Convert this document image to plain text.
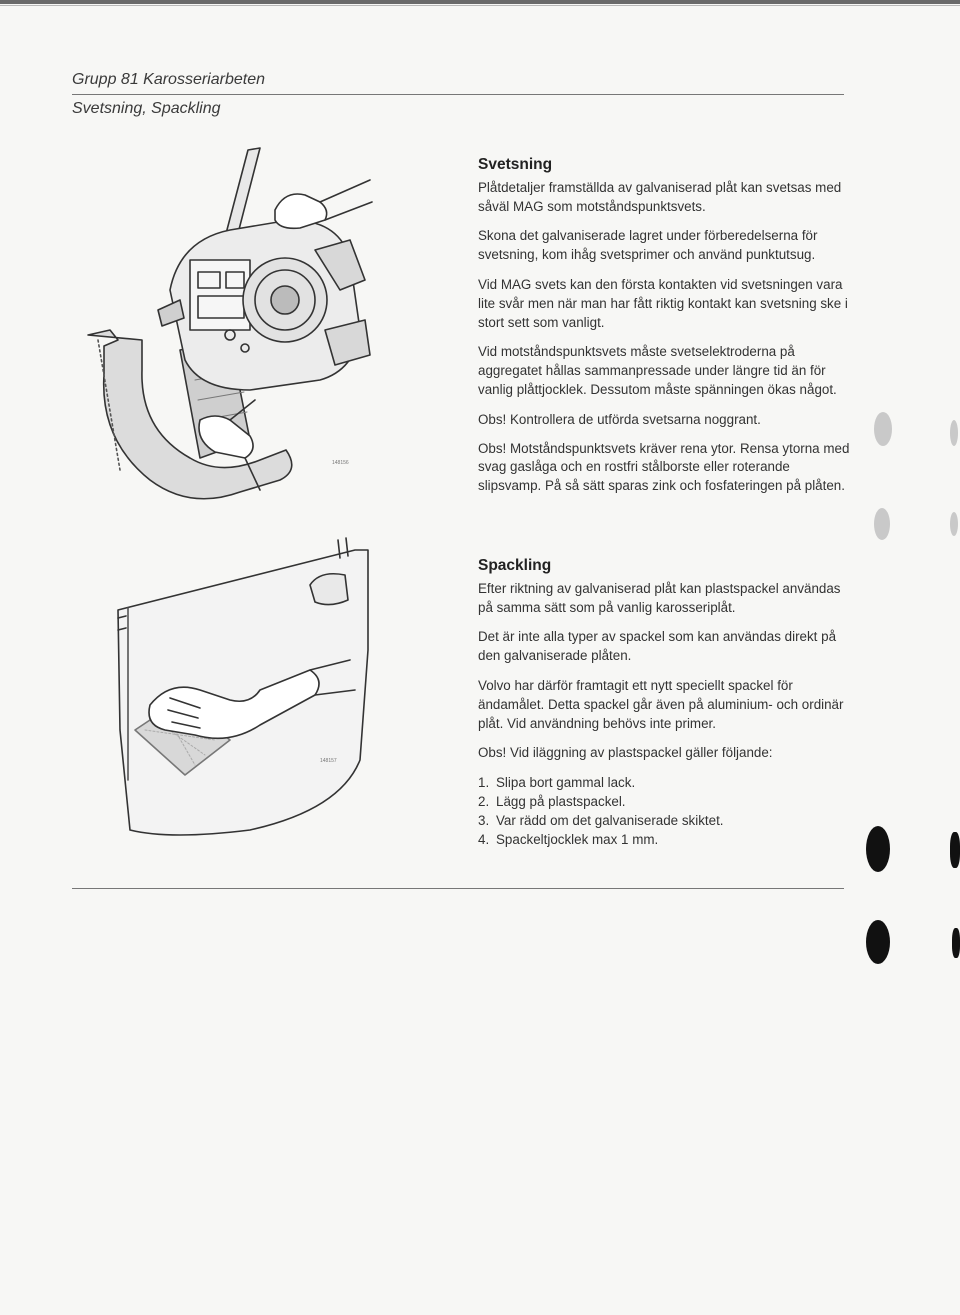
Grupp 81 Karosseriarbeten
Svetsning, Spackling
148156
148157
Svetsning

Plåtdetaljer framställda av galvaniserad plåt kan svetsas med såväl MAG som motståndspunktsvets.

Skona det galvaniserade lagret under förberedelserna för svetsning, kom ihåg svetsprimer och använd punktutsug.

Vid MAG svets kan den första kontakten vid svetsningen vara lite svår men när man har fått riktig kontakt kan svetsning ske i stort sett som vanligt.

Vid motståndspunktsvets måste svetselektroderna på aggregatet hållas sammanpressade under längre tid än för vanlig plåttjocklek. Dessutom måste spänningen ökas något.

Obs! Kontrollera de utförda svetsarna noggrant.

Obs! Motståndspunktsvets kräver rena ytor. Rensa ytorna med svag gaslåga och en rostfri stålborste eller roterande slipsvamp. På så sätt sparas zink och fosfateringen på plåten.

Spackling

Efter riktning av galvaniserad plåt kan plastspackel användas på samma sätt som på vanlig karosseriplåt.

Det är inte alla typer av spackel som kan användas direkt på den galvaniserade plåten.

Volvo har därför framtagit ett nytt speciellt spackel för ändamålet. Detta spackel går även på aluminium- och ordinär plåt. Vid användning behövs inte primer.

Obs! Vid iläggning av plastspackel gäller följande:

1. Slipa bort gammal lack.
2. Lägg på plastspackel.
3. Var rädd om det galvaniserade skiktet.
4. Spackeltjocklek max 1 mm.
